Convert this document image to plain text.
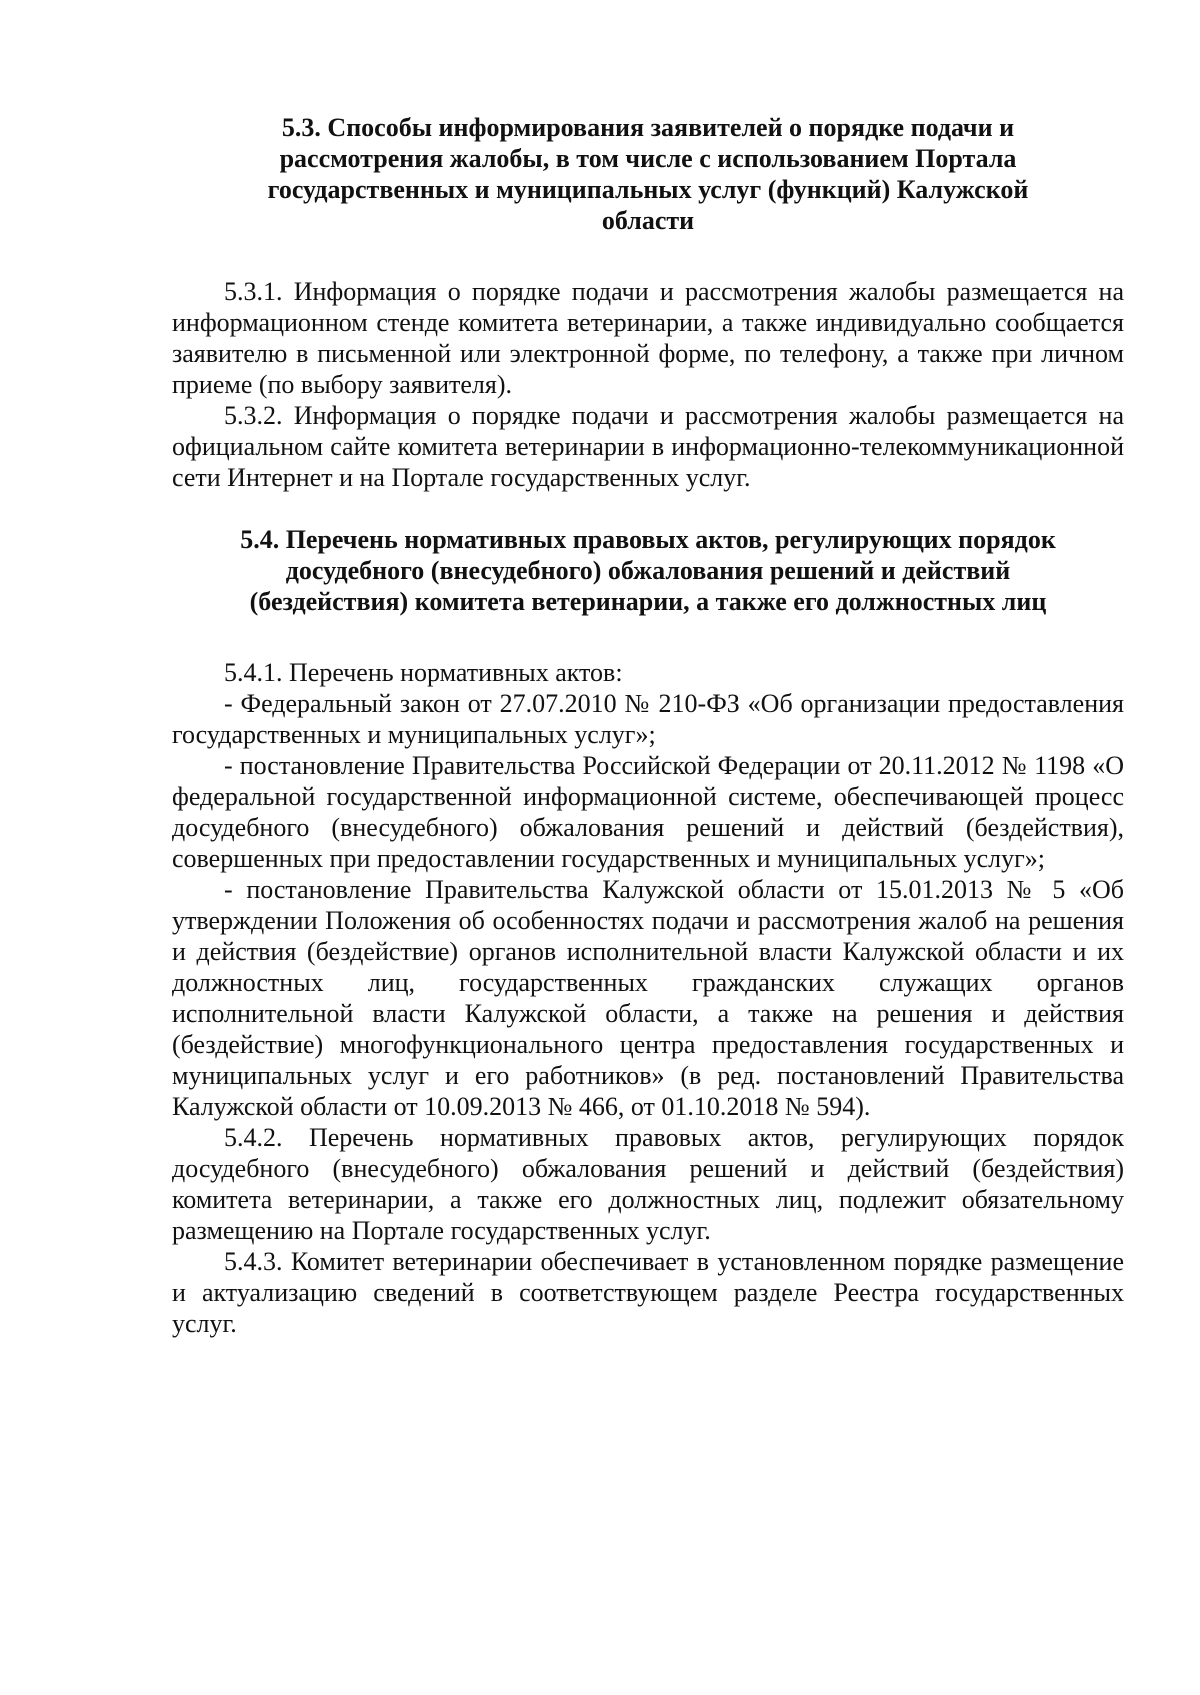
5.3. Способы информирования заявителей о порядке подачи и рассмотрения жалобы, в том числе с использованием Портала государственных и муниципальных услуг (функций) Калужской области

5.3.1. Информация о порядке подачи и рассмотрения жалобы размещается на информационном стенде комитета ветеринарии, а также индивидуально сообщается заявителю в письменной или электронной форме, по телефону, а также при личном приеме (по выбору заявителя).

5.3.2. Информация о порядке подачи и рассмотрения жалобы размещается на официальном сайте комитета ветеринарии в информационно-телекоммуникационной сети Интернет и на Портале государственных услуг.

5.4. Перечень нормативных правовых актов, регулирующих порядок досудебного (внесудебного) обжалования решений и действий (бездействия) комитета ветеринарии, а также его должностных лиц

5.4.1. Перечень нормативных актов:

- Федеральный закон от 27.07.2010 № 210-ФЗ «Об организации предоставления государственных и муниципальных услуг»;

- постановление Правительства Российской Федерации от 20.11.2012 № 1198 «О федеральной государственной информационной системе, обеспечивающей процесс досудебного (внесудебного) обжалования решений и действий (бездействия), совершенных при предоставлении государственных и муниципальных услуг»;

- постановление Правительства Калужской области от 15.01.2013 № 5 «Об утверждении Положения об особенностях подачи и рассмотрения жалоб на решения и действия (бездействие) органов исполнительной власти Калужской области и их должностных лиц, государственных гражданских служащих органов исполнительной власти Калужской области, а также на решения и действия (бездействие) многофункционального центра предоставления государственных и муниципальных услуг и его работников» (в ред. постановлений Правительства Калужской области от 10.09.2013 № 466, от 01.10.2018 № 594).

5.4.2. Перечень нормативных правовых актов, регулирующих порядок досудебного (внесудебного) обжалования решений и действий (бездействия) комитета ветеринарии, а также его должностных лиц, подлежит обязательному размещению на Портале государственных услуг.

5.4.3. Комитет ветеринарии обеспечивает в установленном порядке размещение и актуализацию сведений в соответствующем разделе Реестра государственных услуг.
